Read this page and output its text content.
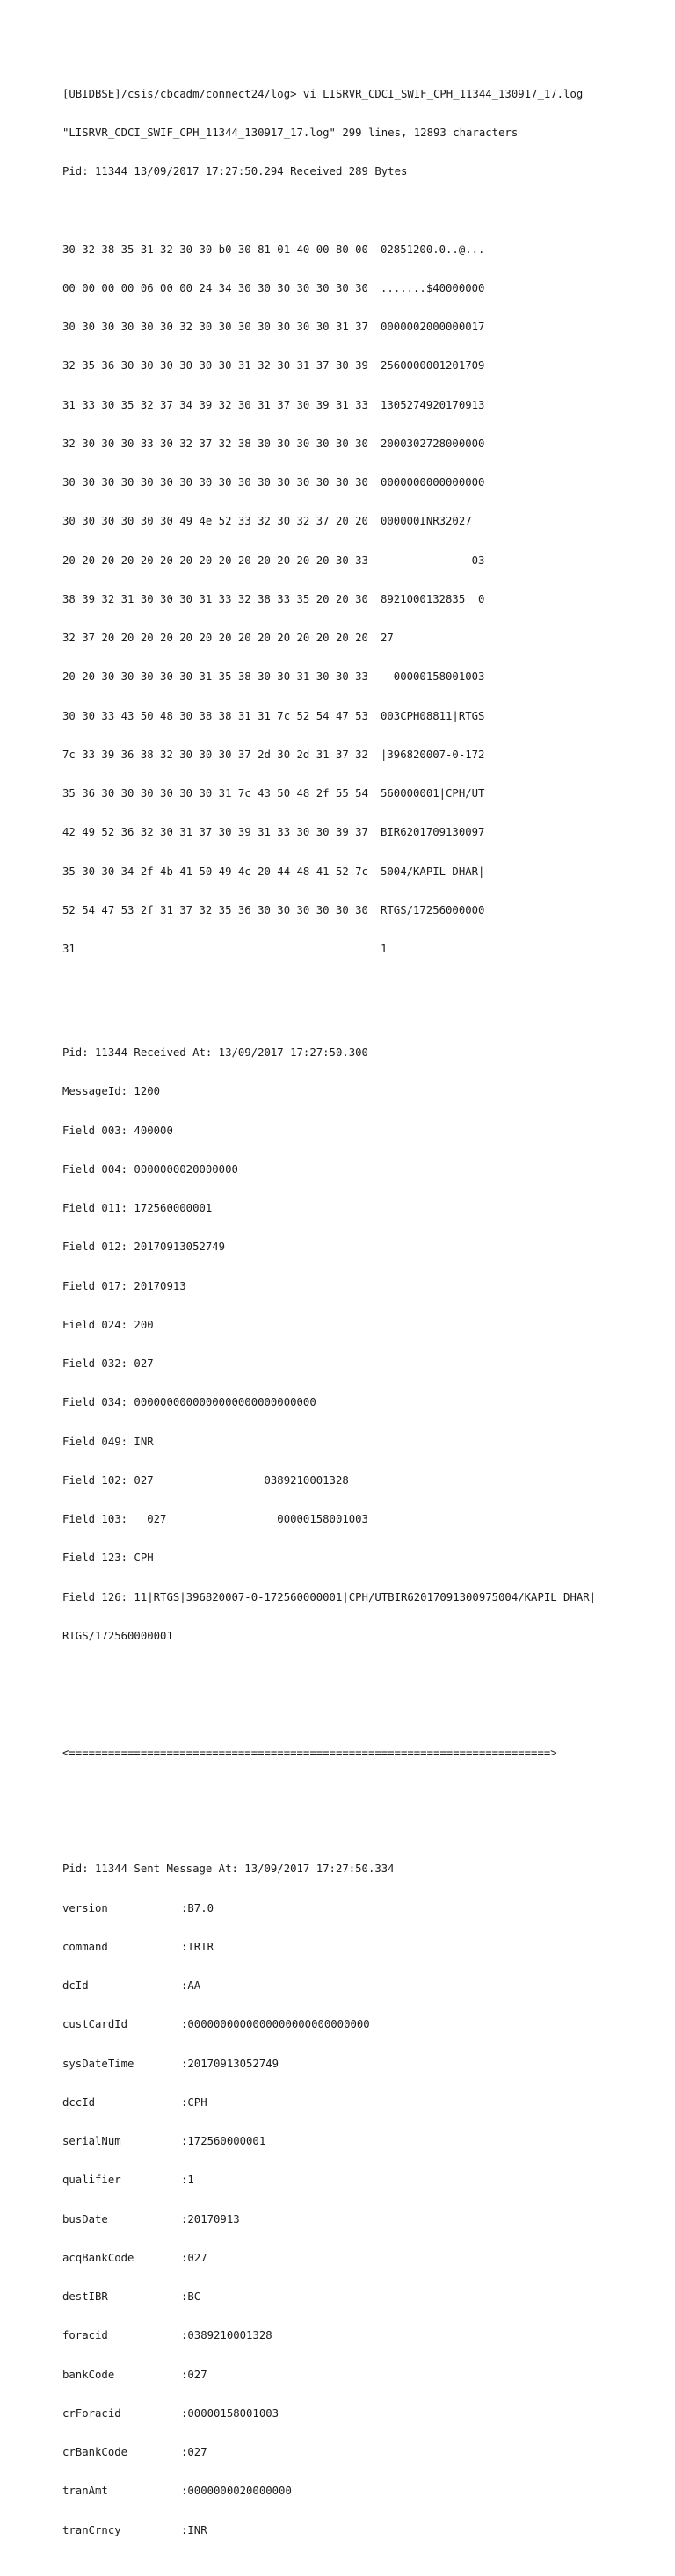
[UBIDBSE]/csis/cbcadm/connect24/log> vi LISRVR_CDCI_SWIF_CPH_11344_130917_17.log

"LISRVR_CDCI_SWIF_CPH_11344_130917_17.log" 299 lines, 12893 characters

Pid: 11344 13/09/2017 17:27:50.294 Received 289 Bytes

30 32 38 35 31 32 30 30 b0 30 81 01 40 00 80 00 02851200.0..@...

00 00 00 00 06 00 00 24 34 30 30 30 30 30 30 30 .......$40000000

30 30 30 30 30 30 32 30 30 30 30 30 30 30 31 37 0000002000000017

32 35 36 30 30 30 30 30 30 31 32 30 31 37 30 39 2560000001201709

31 33 30 35 32 37 34 39 32 30 31 37 30 39 31 33 1305274920170913

32 30 30 30 33 30 32 37 32 38 30 30 30 30 30 30 2000302728000000

30 30 30 30 30 30 30 30 30 30 30 30 30 30 30 30 0000000000000000

30 30 30 30 30 30 49 4e 52 33 32 30 32 37 20 20 000000INR32027

20 20 20 20 20 20 20 20 20 20 20 20 20 20 30 33 03

38 39 32 31 30 30 30 31 33 32 38 33 35 20 20 30 8921000132835  0

32 37 20 20 20 20 20 20 20 20 20 20 20 20 20 20 27

20 20 30 30 30 30 30 31 35 38 30 30 31 30 30 33 00000158001003

30 30 33 43 50 48 30 38 38 31 31 7c 52 54 47 53 003CPH08811|RTGS

7c 33 39 36 38 32 30 30 30 37 2d 30 2d 31 37 32 |396820007-0-172

35 36 30 30 30 30 30 30 31 7c 43 50 48 2f 55 54 560000001|CPH/UT

42 49 52 36 32 30 31 37 30 39 31 33 30 30 39 37 BIR6201709130097

35 30 30 34 2f 4b 41 50 49 4c 20 44 48 41 52 7c 5004/KAPIL DHAR|

52 54 47 53 2f 31 37 32 35 36 30 30 30 30 30 30 RTGS/17256000000

31	1

Pid: 11344 Received At: 13/09/2017 17:27:50.300

MessageId: 1200

Field 003: 400000

Field 004: 0000000020000000

Field 011: 172560000001

Field 012: 20170913052749

Field 017: 20170913

Field 024: 200

Field 032: 027

Field 034: 0000000000000000000000000000

Field 049: INR

Field 102: 027                 0389210001328

Field 103:   027                 00000158001003

Field 123: CPH

Field 126: 11|RTGS|396820007-0-172560000001|CPH/UTBIR62017091300975004/KAPIL DHAR|

RTGS/172560000001

<==========================================================================>

Pid: 11344 Sent Message At: 13/09/2017 17:27:50.334

version	:B7.0

command	:TRTR

dcId	:AA

custCardId	:0000000000000000000000000000

sysDateTime	:20170913052749

dccId	:CPH

serialNum	:172560000001

qualifier	:1

busDate	:20170913

acqBankCode	:027

destIBR	:BC

foracid	:0389210001328

bankCode	:027

crForacid	:00000158001003

crBankCode	:027

tranAmt	:0000000020000000

tranCrncy	:INR
